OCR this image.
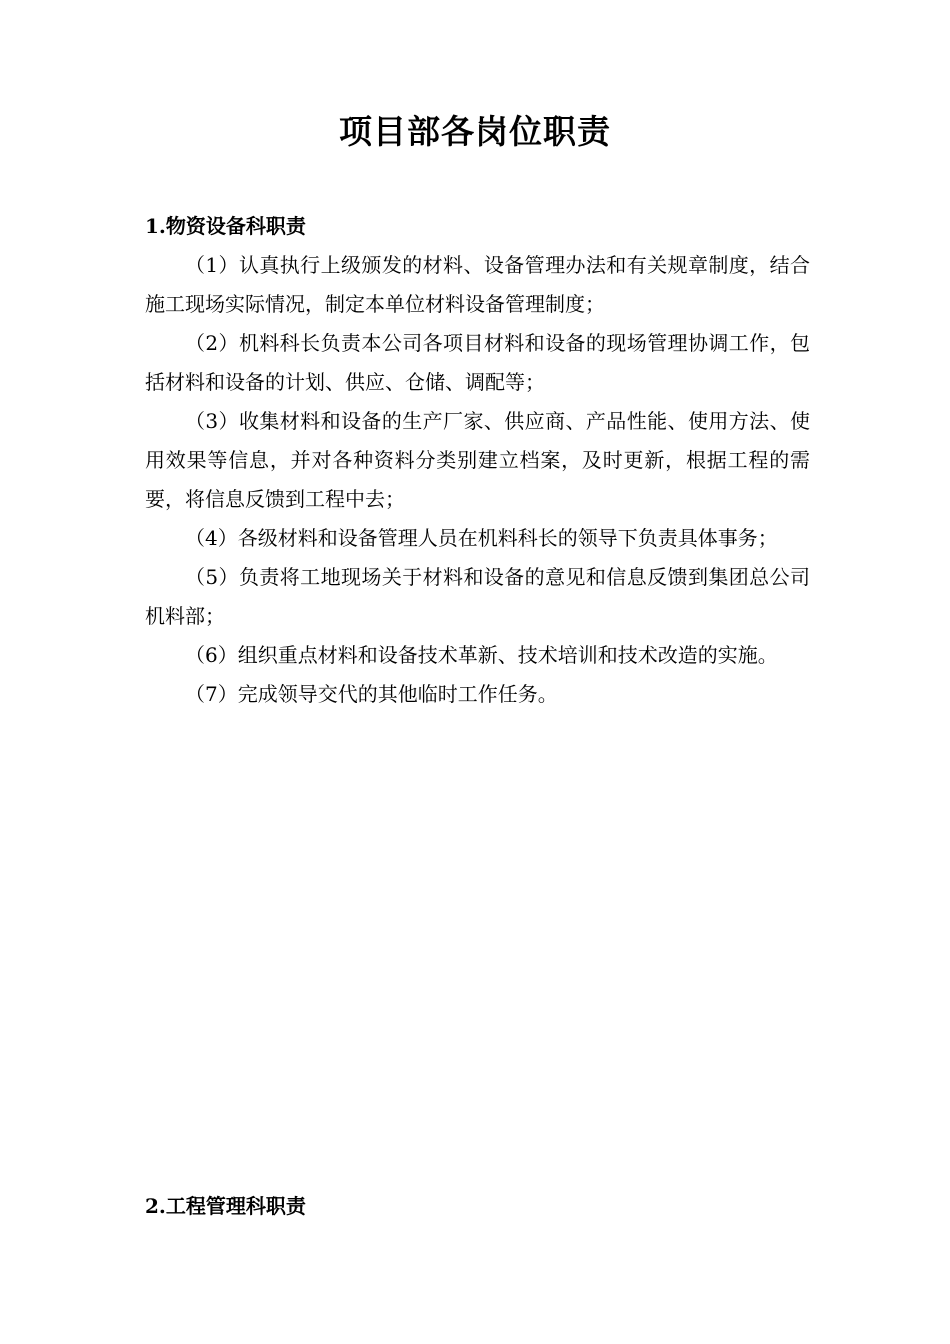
项目部各岗位职责
1.物资设备科职责

（1）认真执行上级颁发的材料、设备管理办法和有关规章制度，结合施工现场实际情况，制定本单位材料设备管理制度；

（2）机料科长负责本公司各项目材料和设备的现场管理协调工作，包括材料和设备的计划、供应、仓储、调配等；

（3）收集材料和设备的生产厂家、供应商、产品性能、使用方法、使用效果等信息，并对各种资料分类别建立档案，及时更新，根据工程的需要，将信息反馈到工程中去；

（4）各级材料和设备管理人员在机料科长的领导下负责具体事务；

（5）负责将工地现场关于材料和设备的意见和信息反馈到集团总公司机料部；

（6）组织重点材料和设备技术革新、技术培训和技术改造的实施。

（7）完成领导交代的其他临时工作任务。

2.工程管理科职责
